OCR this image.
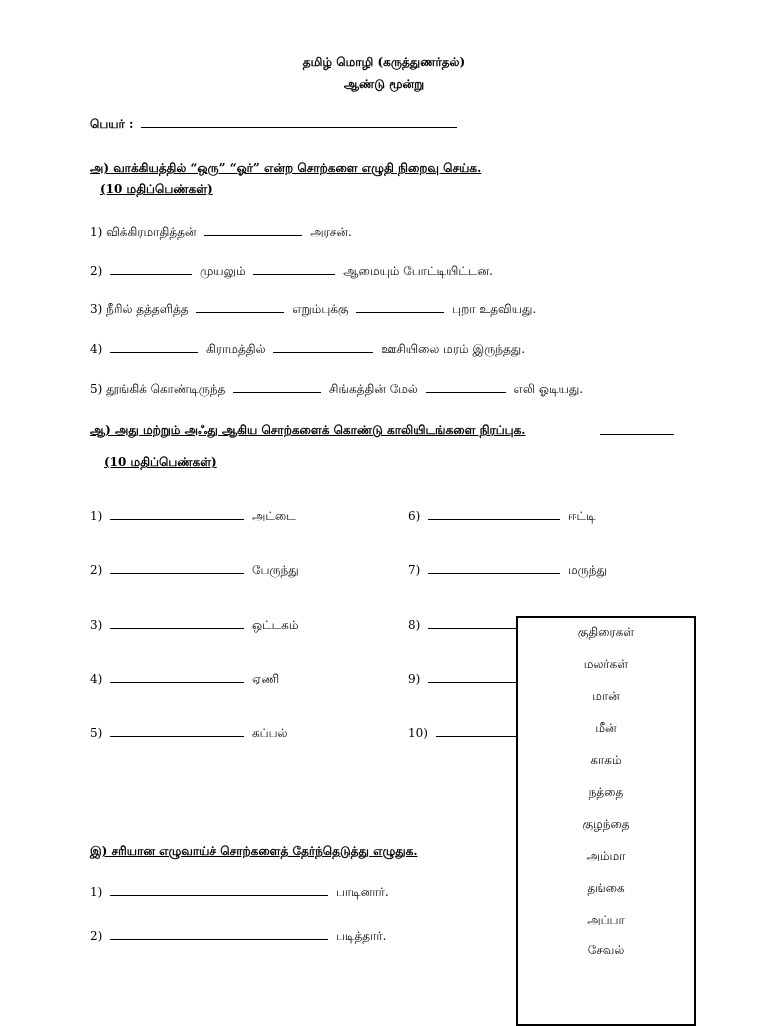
தமிழ் மொழி (கருத்துணர்தல்)
ஆண்டு மூன்று
பெயர் :
அ) வாக்கியத்தில் “ஒரு” “ஓர்” என்ற சொற்களை எழுதி நிறைவு செய்க.
(10 மதிப்பெண்கள்)
1) விக்கிரமாதித்தன்	அரசன்.
2)	முயலும்	ஆமையும் போட்டியிட்டன.
3) நீரில் தத்தளித்த	எறும்புக்கு	புறா உதவியது.
4)	கிராமத்தில்	ஊசியிலை மரம் இருந்தது.
5) தூங்கிக் கொண்டிருந்த	சிங்கத்தின் மேல்	எலி ஓடியது.
ஆ) அது மற்றும் அஃது ஆகிய சொற்களைக் கொண்டு காலியிடங்களை நிரப்புக.
(10 மதிப்பெண்கள்)
1)	அட்டை
2)	பேருந்து
3)	ஒட்டகம்
4)	ஏணி
5)	கப்பல்
6)	ஈட்டி
7)	மருந்து
8)
9)
10)
குதிரைகள்
மலர்கள்
மான்
மீன்
காகம்
நத்தை
குழந்தை
அம்மா
தங்கை
அப்பா
சேவல்
இ) சரியான எழுவாய்ச் சொற்களைத் தேர்ந்தெடுத்து எழுதுக.
1)	பாடினார்.
2)	படித்தார்.
